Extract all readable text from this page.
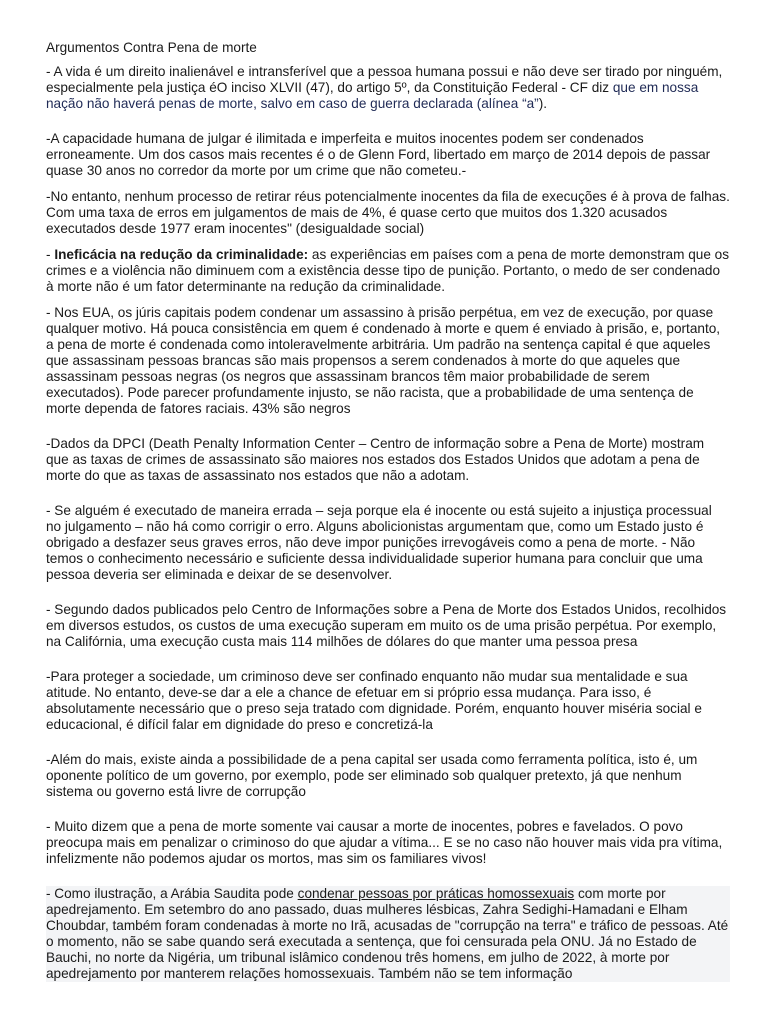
Argumentos Contra Pena de morte

- A vida é um direito inalienável e intransferível que a pessoa humana possui e não deve ser tirado por ninguém, especialmente pela justiça éO inciso XLVII (47), do artigo 5º, da Constituição Federal - CF diz que em nossa nação não haverá penas de morte, salvo em caso de guerra declarada (alínea “a”).

-A capacidade humana de julgar é ilimitada e imperfeita e muitos inocentes podem ser condenados erroneamente. Um dos casos mais recentes é o de Glenn Ford, libertado em março de 2014 depois de passar quase 30 anos no corredor da morte por um crime que não cometeu.-

-No entanto, nenhum processo de retirar réus potencialmente inocentes da fila de execuções é à prova de falhas. Com uma taxa de erros em julgamentos de mais de 4%, é quase certo que muitos dos 1.320 acusados executados desde 1977 eram inocentes" (desigualdade social)

- Ineficácia na redução da criminalidade: as experiências em países com a pena de morte demonstram que os crimes e a violência não diminuem com a existência desse tipo de punição. Portanto, o medo de ser condenado à morte não é um fator determinante na redução da criminalidade.

- Nos EUA, os júris capitais podem condenar um assassino à prisão perpétua, em vez de execução, por quase qualquer motivo. Há pouca consistência em quem é condenado à morte e quem é enviado à prisão, e, portanto, a pena de morte é condenada como intoleravelmente arbitrária. Um padrão na sentença capital é que aqueles que assassinam pessoas brancas são mais propensos a serem condenados à morte do que aqueles que assassinam pessoas negras (os negros que assassinam brancos têm maior probabilidade de serem executados). Pode parecer profundamente injusto, se não racista, que a probabilidade de uma sentença de morte dependa de fatores raciais. 43% são negros

-Dados da DPCI (Death Penalty Information Center – Centro de informação sobre a Pena de Morte) mostram que as taxas de crimes de assassinato são maiores nos estados dos Estados Unidos que adotam a pena de morte do que as taxas de assassinato nos estados que não a adotam.

- Se alguém é executado de maneira errada – seja porque ela é inocente ou está sujeito a injustiça processual no julgamento – não há como corrigir o erro. Alguns abolicionistas argumentam que, como um Estado justo é obrigado a desfazer seus graves erros, não deve impor punições irrevogáveis como a pena de morte. - Não temos o conhecimento necessário e suficiente dessa individualidade superior humana para concluir que uma pessoa deveria ser eliminada e deixar de se desenvolver.

- Segundo dados publicados pelo Centro de Informações sobre a Pena de Morte dos Estados Unidos, recolhidos em diversos estudos, os custos de uma execução superam em muito os de uma prisão perpétua. Por exemplo, na Califórnia, uma execução custa mais 114 milhões de dólares do que manter uma pessoa presa

-Para proteger a sociedade, um criminoso deve ser confinado enquanto não mudar sua mentalidade e sua atitude. No entanto, deve-se dar a ele a chance de efetuar em si próprio essa mudança. Para isso, é absolutamente necessário que o preso seja tratado com dignidade. Porém, enquanto houver miséria social e educacional, é difícil falar em dignidade do preso e concretizá-la

-Além do mais, existe ainda a possibilidade de a pena capital ser usada como ferramenta política, isto é, um oponente político de um governo, por exemplo, pode ser eliminado sob qualquer pretexto, já que nenhum sistema ou governo está livre de corrupção

- Muito dizem que a pena de morte somente vai causar a morte de inocentes, pobres e favelados. O povo preocupa mais em penalizar o criminoso do que ajudar a vítima... E se no caso não houver mais vida pra vítima, infelizmente não podemos ajudar os mortos, mas sim os familiares vivos!

- Como ilustração, a Arábia Saudita pode condenar pessoas por práticas homossexuais com morte por apedrejamento. Em setembro do ano passado, duas mulheres lésbicas, Zahra Sedighi-Hamadani e Elham Choubdar, também foram condenadas à morte no Irã, acusadas de "corrupção na terra" e tráfico de pessoas. Até o momento, não se sabe quando será executada a sentença, que foi censurada pela ONU. Já no Estado de Bauchi, no norte da Nigéria, um tribunal islâmico condenou três homens, em julho de 2022, à morte por apedrejamento por manterem relações homossexuais. Também não se tem informação
